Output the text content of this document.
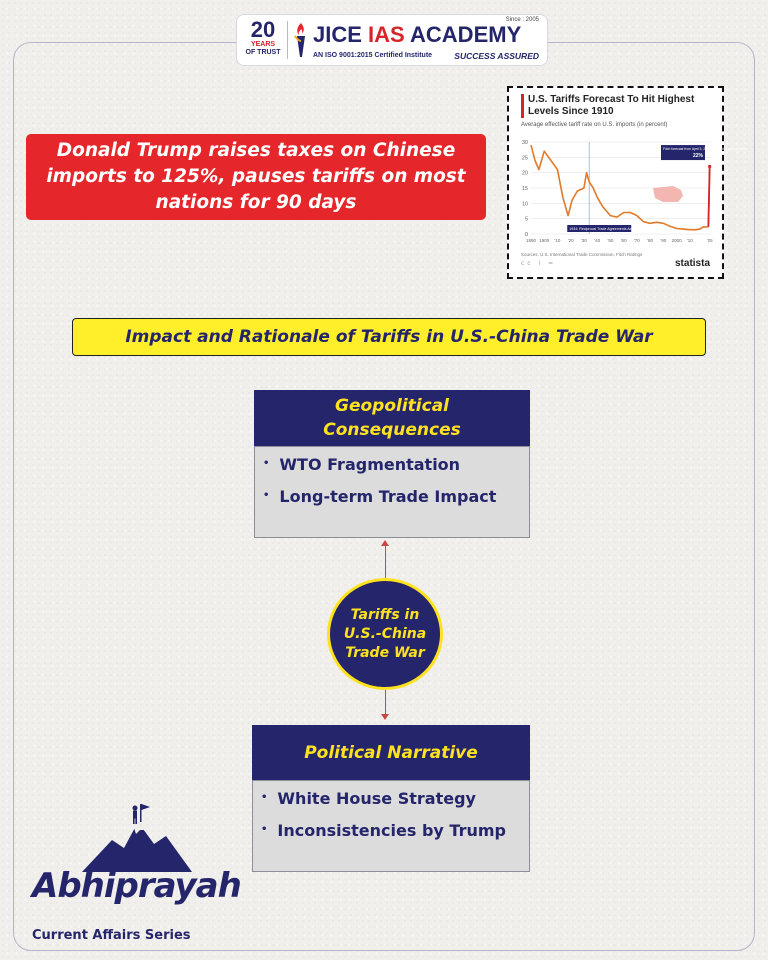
20
YEARS
OF TRUST
JICE IAS ACADEMY
Since : 2005
AN ISO 9001:2015 Certified Institute	SUCCESS ASSURED
Donald Trump raises taxes on Chinese imports to 125%, pauses tariffs on most nations for 90 days
U.S. Tariffs Forecast To Hit Highest Levels Since 1910
Average effective tariff rate on U.S. imports (in percent)
0
5
10
15
20
25
30
1890 1900 '10 '20 '30 '40 '50 '60 '70 '80 '90 2000 '10	'25
Fitch forecast from April 3, 2025 for the full year of 2025:
22%
1934: Reciprocal Trade Agreements Act
Sources: U.S. International Trade Commission, Fitch Ratings
cc i =	statista
Impact and Rationale of Tariffs in U.S.-China Trade War
Geopolitical Consequences
• WTO Fragmentation
• Long-term Trade Impact
Tariffs in U.S.-China Trade War
Political Narrative
• White House Strategy
• Inconsistencies by Trump
Abhiprayah
Current Affairs Series
